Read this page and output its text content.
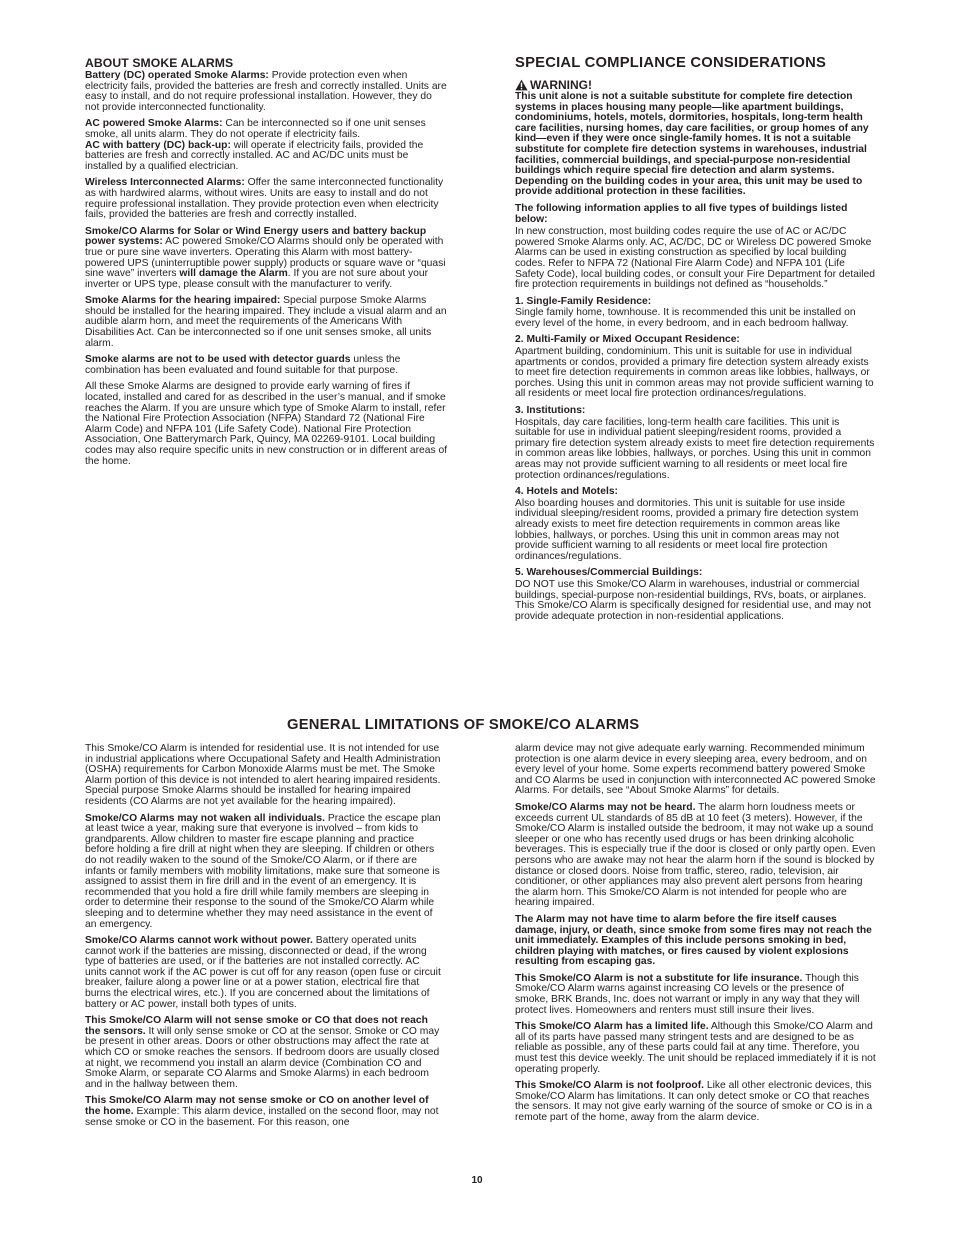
ABOUT SMOKE ALARMS

Battery (DC) operated Smoke Alarms: Provide protection even when electricity fails, provided the batteries are fresh and correctly installed. Units are easy to install, and do not require professional installation. However, they do not provide interconnected functionality.

AC powered Smoke Alarms: Can be interconnected so if one unit senses smoke, all units alarm. They do not operate if electricity fails.
AC with battery (DC) back-up: will operate if electricity fails, provided the batteries are fresh and correctly installed. AC and AC/DC units must be installed by a qualified electrician.

Wireless Interconnected Alarms: Offer the same interconnected functionality as with hardwired alarms, without wires. Units are easy to install and do not require professional installation. They provide protection even when electricity fails, provided the batteries are fresh and correctly installed.

Smoke/CO Alarms for Solar or Wind Energy users and battery backup power systems: AC powered Smoke/CO Alarms should only be operated with true or pure sine wave inverters. Operating this Alarm with most battery-powered UPS (uninterruptible power supply) products or square wave or “quasi sine wave” inverters will damage the Alarm. If you are not sure about your inverter or UPS type, please consult with the manufacturer to verify.

Smoke Alarms for the hearing impaired: Special purpose Smoke Alarms should be installed for the hearing impaired. They include a visual alarm and an audible alarm horn, and meet the requirements of the Americans With Disabilities Act. Can be interconnected so if one unit senses smoke, all units alarm.

Smoke alarms are not to be used with detector guards unless the combination has been evaluated and found suitable for that purpose.

All these Smoke Alarms are designed to provide early warning of fires if located, installed and cared for as described in the user’s manual, and if smoke reaches the Alarm. If you are unsure which type of Smoke Alarm to install, refer the National Fire Protection Association (NFPA) Standard 72 (National Fire Alarm Code) and NFPA 101 (Life Safety Code). National Fire Protection Association, One Batterymarch Park, Quincy, MA 02269-9101. Local building codes may also require specific units in new construction or in different areas of the home.

SPECIAL COMPLIANCE CONSIDERATIONS
WARNING!

This unit alone is not a suitable substitute for complete fire detection systems in places housing many people—like apartment buildings, condominiums, hotels, motels, dormitories, hospitals, long-term health care facilities, nursing homes, day care facilities, or group homes of any kind—even if they were once single-family homes. It is not a suitable substitute for complete fire detection systems in warehouses, industrial facilities, commercial buildings, and special-purpose non-residential buildings which require special fire detection and alarm systems. Depending on the building codes in your area, this unit may be used to provide additional protection in these facilities.

The following information applies to all five types of buildings listed below:

In new construction, most building codes require the use of AC or AC/DC powered Smoke Alarms only. AC, AC/DC, DC or Wireless DC powered Smoke Alarms can be used in existing construction as specified by local building codes. Refer to NFPA 72 (National Fire Alarm Code) and NFPA 101 (Life Safety Code), local building codes, or consult your Fire Department for detailed fire protection requirements in buildings not defined as “households.”

1. Single-Family Residence:

Single family home, townhouse. It is recommended this unit be installed on every level of the home, in every bedroom, and in each bedroom hallway.

2. Multi-Family or Mixed Occupant Residence:

Apartment building, condominium. This unit is suitable for use in individual apartments or condos, provided a primary fire detection system already exists to meet fire detection requirements in common areas like lobbies, hallways, or porches. Using this unit in common areas may not provide sufficient warning to all residents or meet local fire protection ordinances/regulations.

3. Institutions:

Hospitals, day care facilities, long-term health care facilities. This unit is suitable for use in individual patient sleeping/resident rooms, provided a primary fire detection system already exists to meet fire detection requirements in common areas like lobbies, hallways, or porches. Using this unit in common areas may not provide sufficient warning to all residents or meet local fire protection ordinances/regulations.

4. Hotels and Motels:

Also boarding houses and dormitories. This unit is suitable for use inside individual sleeping/resident rooms, provided a primary fire detection system already exists to meet fire detection requirements in common areas like lobbies, hallways, or porches. Using this unit in common areas may not provide sufficient warning to all residents or meet local fire protection ordinances/regulations.

5. Warehouses/Commercial Buildings:

DO NOT use this Smoke/CO Alarm in warehouses, industrial or commercial buildings, special-purpose non-residential buildings, RVs, boats, or airplanes. This Smoke/CO Alarm is specifically designed for residential use, and may not provide adequate protection in non-residential applications.

GENERAL LIMITATIONS OF SMOKE/CO ALARMS

This Smoke/CO Alarm is intended for residential use. It is not intended for use in industrial applications where Occupational Safety and Health Administration (OSHA) requirements for Carbon Monoxide Alarms must be met. The Smoke Alarm portion of this device is not intended to alert hearing impaired residents. Special purpose Smoke Alarms should be installed for hearing impaired residents (CO Alarms are not yet available for the hearing impaired).

Smoke/CO Alarms may not waken all individuals. Practice the escape plan at least twice a year, making sure that everyone is involved – from kids to grandparents. Allow children to master fire escape planning and practice before holding a fire drill at night when they are sleeping. If children or others do not readily waken to the sound of the Smoke/CO Alarm, or if there are infants or family members with mobility limitations, make sure that someone is assigned to assist them in fire drill and in the event of an emergency. It is recommended that you hold a fire drill while family members are sleeping in order to determine their response to the sound of the Smoke/CO Alarm while sleeping and to determine whether they may need assistance in the event of an emergency.

Smoke/CO Alarms cannot work without power. Battery operated units cannot work if the batteries are missing, disconnected or dead, if the wrong type of batteries are used, or if the batteries are not installed correctly. AC units cannot work if the AC power is cut off for any reason (open fuse or circuit breaker, failure along a power line or at a power station, electrical fire that burns the electrical wires, etc.). If you are concerned about the limitations of battery or AC power, install both types of units.

This Smoke/CO Alarm will not sense smoke or CO that does not reach the sensors. It will only sense smoke or CO at the sensor. Smoke or CO may be present in other areas. Doors or other obstructions may affect the rate at which CO or smoke reaches the sensors. If bedroom doors are usually closed at night, we recommend you install an alarm device (Combination CO and Smoke Alarm, or separate CO Alarms and Smoke Alarms) in each bedroom and in the hallway between them.

This Smoke/CO Alarm may not sense smoke or CO on another level of the home. Example: This alarm device, installed on the second floor, may not sense smoke or CO in the basement. For this reason, one

alarm device may not give adequate early warning. Recommended minimum protection is one alarm device in every sleeping area, every bedroom, and on every level of your home. Some experts recommend battery powered Smoke and CO Alarms be used in conjunction with interconnected AC powered Smoke Alarms. For details, see “About Smoke Alarms” for details.

Smoke/CO Alarms may not be heard. The alarm horn loudness meets or exceeds current UL standards of 85 dB at 10 feet (3 meters). However, if the Smoke/CO Alarm is installed outside the bedroom, it may not wake up a sound sleeper or one who has recently used drugs or has been drinking alcoholic beverages. This is especially true if the door is closed or only partly open. Even persons who are awake may not hear the alarm horn if the sound is blocked by distance or closed doors. Noise from traffic, stereo, radio, television, air conditioner, or other appliances may also prevent alert persons from hearing the alarm horn. This Smoke/CO Alarm is not intended for people who are hearing impaired.

The Alarm may not have time to alarm before the fire itself causes damage, injury, or death, since smoke from some fires may not reach the unit immediately. Examples of this include persons smoking in bed, children playing with matches, or fires caused by violent explosions resulting from escaping gas.

This Smoke/CO Alarm is not a substitute for life insurance. Though this Smoke/CO Alarm warns against increasing CO levels or the presence of smoke, BRK Brands, Inc. does not warrant or imply in any way that they will protect lives. Homeowners and renters must still insure their lives.

This Smoke/CO Alarm has a limited life. Although this Smoke/CO Alarm and all of its parts have passed many stringent tests and are designed to be as reliable as possible, any of these parts could fail at any time. Therefore, you must test this device weekly. The unit should be replaced immediately if it is not operating properly.

This Smoke/CO Alarm is not foolproof. Like all other electronic devices, this Smoke/CO Alarm has limitations. It can only detect smoke or CO that reaches the sensors. It may not give early warning of the source of smoke or CO is in a remote part of the home, away from the alarm device.

10
